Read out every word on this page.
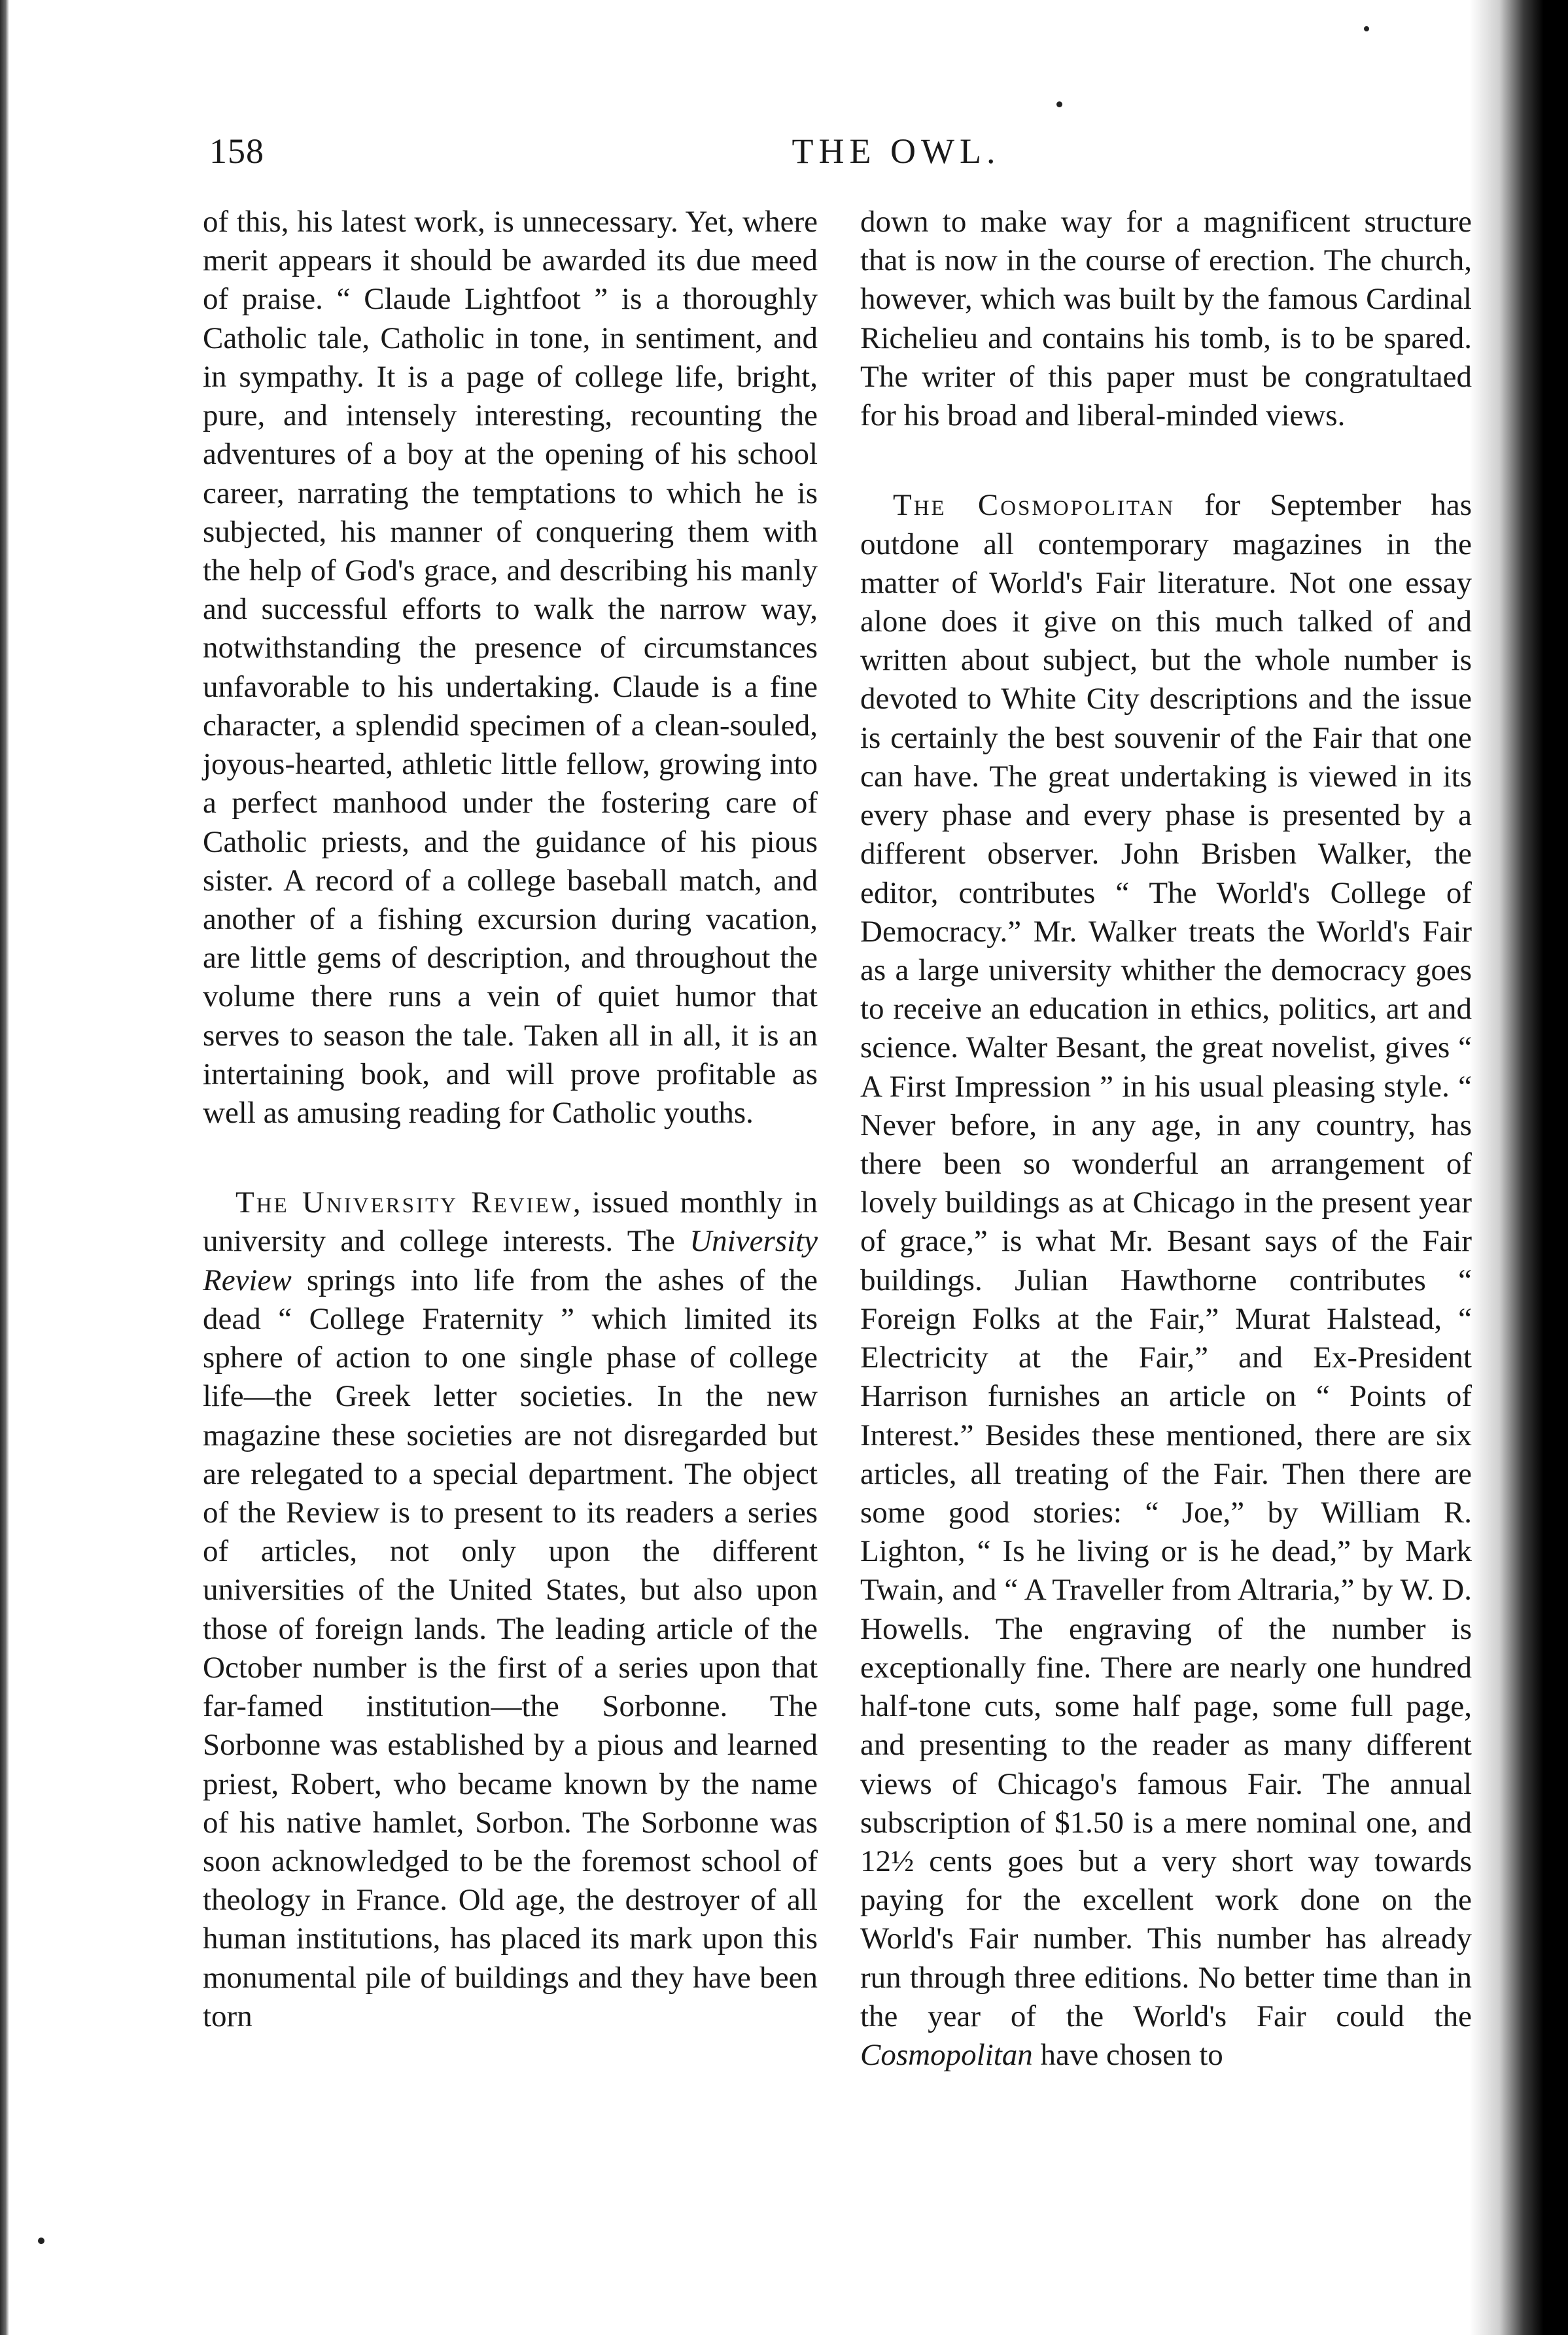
158	THE OWL.

of this, his latest work, is unnecessary. Yet, where merit appears it should be awarded its due meed of praise. “ Claude Lightfoot ” is a thoroughly Catholic tale, Catholic in tone, in sentiment, and in sympathy. It is a page of college life, bright, pure, and intensely interesting, recounting the adventures of a boy at the opening of his school career, narrating the temptations to which he is subjected, his manner of conquering them with the help of God's grace, and describing his manly and successful efforts to walk the narrow way, notwithstanding the presence of circumstances unfavorable to his undertaking. Claude is a fine character, a splendid specimen of a clean-souled, joyous-hearted, athletic little fellow, growing into a perfect manhood under the fostering care of Catholic priests, and the guidance of his pious sister. A record of a college baseball match, and another of a fishing excursion during vacation, are little gems of description, and throughout the volume there runs a vein of quiet humor that serves to season the tale. Taken all in all, it is an intertaining book, and will prove profitable as well as amusing reading for Catholic youths.

The University Review, issued monthly in university and college interests. The University Review springs into life from the ashes of the dead “ College Fraternity ” which limited its sphere of action to one single phase of college life—the Greek letter societies. In the new magazine these societies are not disregarded but are relegated to a special department. The object of the Review is to present to its readers a series of articles, not only upon the different universities of the United States, but also upon those of foreign lands. The leading article of the October number is the first of a series upon that far-famed institution—the Sorbonne. The Sorbonne was established by a pious and learned priest, Robert, who became known by the name of his native hamlet, Sorbon. The Sorbonne was soon acknowledged to be the foremost school of theology in France. Old age, the destroyer of all human institutions, has placed its mark upon this monumental pile of buildings and they have been torn

down to make way for a magnificent structure that is now in the course of erection. The church, however, which was built by the famous Cardinal Richelieu and contains his tomb, is to be spared. The writer of this paper must be congratultaed for his broad and liberal-minded views.

The Cosmopolitan for September has outdone all contemporary magazines in the matter of World's Fair literature. Not one essay alone does it give on this much talked of and written about subject, but the whole number is devoted to White City descriptions and the issue is certainly the best souvenir of the Fair that one can have. The great undertaking is viewed in its every phase and every phase is presented by a different observer. John Brisben Walker, the editor, contributes “ The World's College of Democracy.” Mr. Walker treats the World's Fair as a large university whither the democracy goes to receive an education in ethics, politics, art and science. Walter Besant, the great novelist, gives “ A First Impression ” in his usual pleasing style. “ Never before, in any age, in any country, has there been so wonderful an arrangement of lovely buildings as at Chicago in the present year of grace,” is what Mr. Besant says of the Fair buildings. Julian Hawthorne contributes “ Foreign Folks at the Fair,” Murat Halstead, “ Electricity at the Fair,” and Ex-President Harrison furnishes an article on “ Points of Interest.” Besides these mentioned, there are six articles, all treating of the Fair. Then there are some good stories: “ Joe,” by William R. Lighton, “ Is he living or is he dead,” by Mark Twain, and “ A Traveller from Altraria,” by W. D. Howells. The engraving of the number is exceptionally fine. There are nearly one hundred half-tone cuts, some half page, some full page, and presenting to the reader as many different views of Chicago's famous Fair. The annual subscription of $1.50 is a mere nominal one, and 12½ cents goes but a very short way towards paying for the excellent work done on the World's Fair number. This number has already run through three editions. No better time than in the year of the World's Fair could the Cosmopolitan have chosen to
